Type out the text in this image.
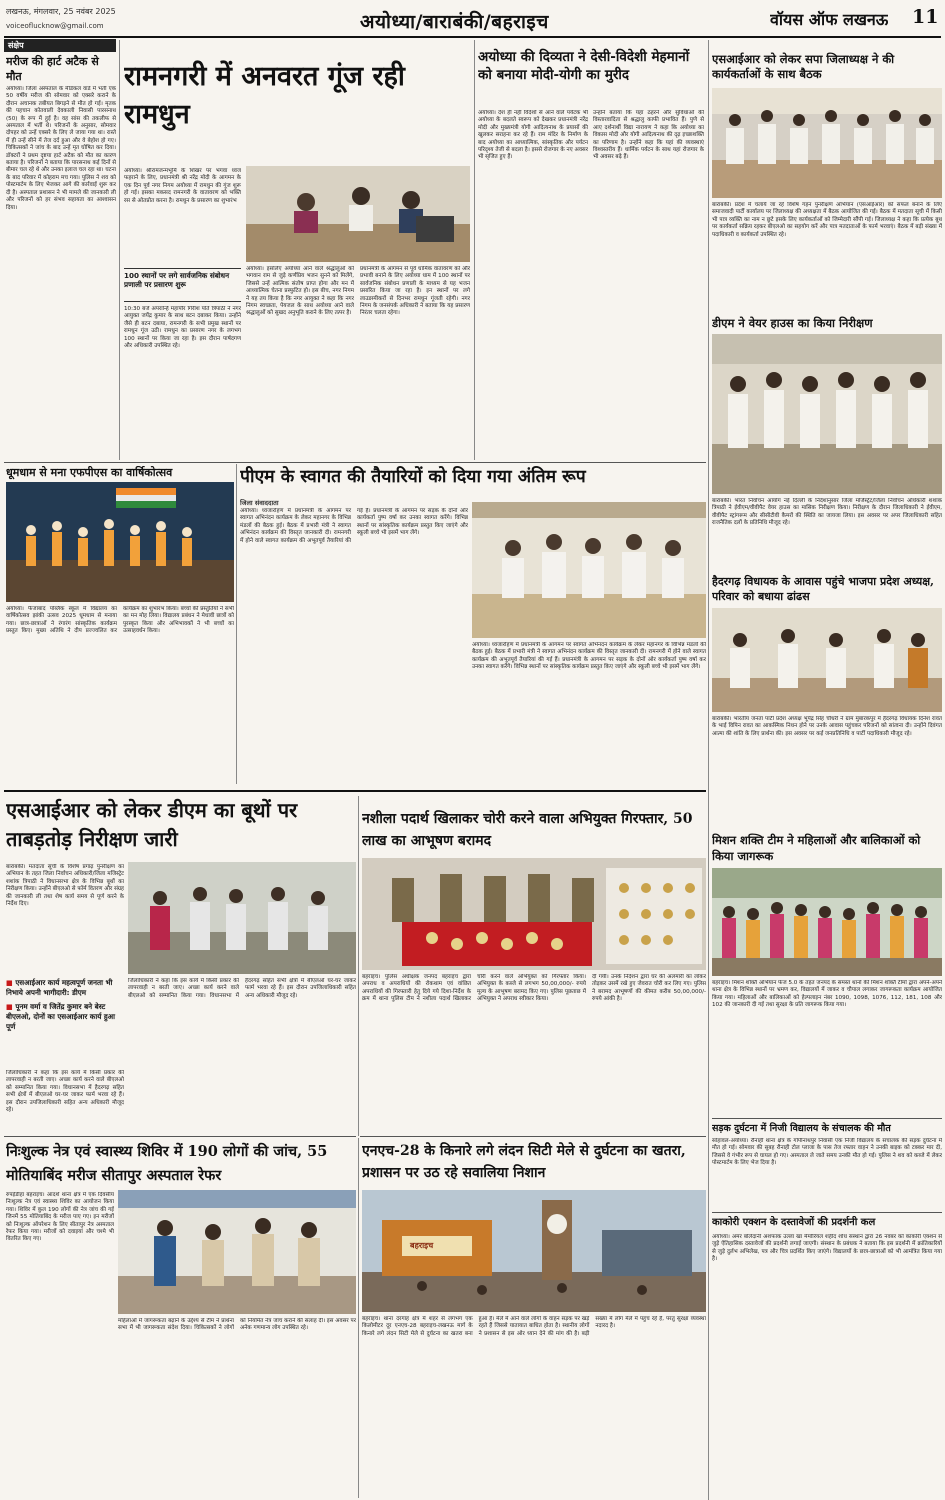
लखनऊ, मंगलवार, 25 नवंबर 2025
voiceoflucknow@gmail.com	अयोध्या/बाराबंकी/बहराइच	वॉयस ऑफ लखनऊ 11
संक्षेप
मरीज की हार्ट अटैक से मौत
अयोध्या। जिला अस्पताल के मेडिकल वार्ड में भर्ती एक 50 वर्षीय मरीज की सोमवार को एक्सरे कराने के दौरान अचानक तबीयत बिगड़ने से मौत हो गई। मृतक की पहचान कोतवाली देवकाली निवासी पारसनाथ (50) के रूप में हुई है। वह सांस की तकलीफ से अस्पताल में भर्ती थे। परिजनों के अनुसार, सोमवार दोपहर को उन्हें एक्सरे के लिए ले जाया गया था। रास्ते में ही उन्हें सीने में तेज दर्द हुआ और वे बेहोश हो गए। चिकित्सकों ने जांच के बाद उन्हें मृत घोषित कर दिया। डॉक्टरों ने प्रथम दृष्टया हार्ट अटैक को मौत का कारण बताया है। परिजनों ने बताया कि पारसनाथ कई दिनों से बीमार चल रहे थे और उनका इलाज चल रहा था। घटना के बाद परिवार में कोहराम मच गया। पुलिस ने शव को पोस्टमार्टम के लिए भेजकर आगे की कार्रवाई शुरू कर दी है। अस्पताल प्रशासन ने भी मामले की जानकारी ली और परिजनों को हर संभव सहायता का आश्वासन दिया।
रामनगरी में अनवरत गूंज रही रामधुन
अयोध्या। श्रीरामजन्मभूमि के शिखर पर भगवा ध्वज फहराने के लिए, प्रधानमंत्री श्री नरेंद्र मोदी के आगमन के एक दिन पूर्व नगर निगम अयोध्या में रामधुन की गूंज शुरू हो गई। इसका मकसद रामनगरी के वातावरण को भक्ति रस से ओतप्रोत करना है। रामधुन के प्रसारण का शुभारंभ
100 स्थानों पर लगे सार्वजनिक संबोधन प्रणाली पर प्रसारण शुरू
10:30 बजे अपरान्हि महापौर गिरीश पति त्रिपाठी ने नगर आयुक्त जयेंद्र कुमार के साथ बटन दबाकर किया। उन्होंने जैसे ही बटन दबाया, रामनगरी के सभी प्रमुख स्थानों पर रामधुन गूंज उठी। रामधुन का प्रसारण नगर के लगभग 100 स्थानों पर किया जा रहा है। इस दौरान पार्षदगण और अधिकारी उपस्थित रहे।
अयोध्या। इसलिए अयोध्या आने वाले श्रद्धालुओं को भगवान राम से जुड़े कर्णप्रिय भजन सुनने को मिलेंगे, जिससे उन्हें आत्मिक संतोष प्राप्त होगा और मन में आध्यात्मिक चेतना प्रस्फुटित हो। इस बीच, नगर निगम ने यह तय किया है कि नगर आयुक्त ने कहा कि नगर निगम स्वच्छता, पेयजल के साथ अयोध्या आने वाले श्रद्धालुओं को सुखद अनुभूति कराने के लिए तत्पर है।
प्रधानमंत्री के आगमन से पूर्व धार्मिक वातावरण को और प्रभावी बनाने के लिए अयोध्या धाम में 100 स्थानों पर सार्वजनिक संबोधन प्रणाली के माध्यम से यह भजन प्रसारित किया जा रहा है। इन स्थानों पर लगे लाउडस्पीकरों से दिनभर रामधुन गूंजती रहेगी। नगर निगम के जनसंपर्क अधिकारी ने बताया कि यह प्रसारण निरंतर चलता रहेगा।
अयोध्या की दिव्यता ने देसी-विदेशी मेहमानों को बनाया मोदी-योगी का मुरीद
अयोध्या। देश ही नहीं विदेशों से आने वाले पर्यटक भी अयोध्या के बदलते स्वरूप को देखकर प्रधानमंत्री नरेंद्र मोदी और मुख्यमंत्री योगी आदित्यनाथ के प्रयासों की खुलकर सराहना कर रहे हैं। राम मंदिर के निर्माण के बाद अयोध्या का आध्यात्मिक, सांस्कृतिक और पर्यटन परिदृश्य तेजी से बदला है। इससे रोजगार के नए अवसर भी सृजित हुए हैं।
उन्होंने बताया कि यहां ठहरने और सुविधाओं की विस्तारवादिता से श्रद्धालु काफी प्रभावित हैं। पुणे से आए दर्शनार्थी विद्या नारायण ने कहा कि अयोध्या का विकास मोदी और योगी आदित्यनाथ की दृढ़ इच्छाशक्ति का परिणाम है। उन्होंने कहा कि यहां की व्यवस्थाएं विश्वस्तरीय हैं। धार्मिक पर्यटन के साथ यहां रोजगार के भी अवसर बढ़े हैं।
धूमधाम से मना एफपीएस का वार्षिकोत्सव
अयोध्या। फैजाबाद पब्लिक स्कूल में विद्यालय का वार्षिकोत्सव झांकी उत्सव 2025 धूमधाम से मनाया गया। छात्र-छात्राओं ने रंगारंग सांस्कृतिक कार्यक्रम प्रस्तुत किए। मुख्य अतिथि ने दीप प्रज्ज्वलित कर कार्यक्रम का शुभारंभ किया। बच्चों की प्रस्तुतियों ने सभी का मन मोह लिया। विद्यालय प्रबंधन ने मेधावी छात्रों को पुरस्कृत किया और अभिभावकों ने भी बच्चों का उत्साहवर्धन किया।
पीएम के स्वागत की तैयारियों को दिया गया अंतिम रूप
जिला संवाददाता
अयोध्या। ध्वजारोहण में प्रधानमंत्री के आगमन पर स्वागत अभिनंदन कार्यक्रम के लेकर महानगर के विभिन्न मंडलों की बैठक हुई। बैठक में प्रभारी मंत्री ने स्वागत अभिनंदन कार्यक्रम की विस्तृत जानकारी दी। रामनगरी में होने वाले स्वागत कार्यक्रम की अभूतपूर्व तैयारियां की गई हैं। प्रधानमंत्री के आगमन पर सड़क के दोनों ओर कार्यकर्ता पुष्प वर्षा कर उनका स्वागत करेंगे। विभिन्न स्थानों पर सांस्कृतिक कार्यक्रम प्रस्तुत किए जाएंगे और स्कूली बच्चे भी इसमें भाग लेंगे।
अयोध्या। ध्वजारोहण में प्रधानमंत्री के आगमन पर स्वागत अभिनंदन कार्यक्रम के लेकर महानगर के विभिन्न मंडलों की बैठक हुई। बैठक में प्रभारी मंत्री ने स्वागत अभिनंदन कार्यक्रम की विस्तृत जानकारी दी। रामनगरी में होने वाले स्वागत कार्यक्रम की अभूतपूर्व तैयारियां की गई हैं। प्रधानमंत्री के आगमन पर सड़क के दोनों ओर कार्यकर्ता पुष्प वर्षा कर उनका स्वागत करेंगे। विभिन्न स्थानों पर सांस्कृतिक कार्यक्रम प्रस्तुत किए जाएंगे और स्कूली बच्चे भी इसमें भाग लेंगे।
एसआईआर को लेकर डीएम का बूथों पर ताबड़तोड़ निरीक्षण जारी
बाराबंकी। मतदाता सूची के विशेष प्रगाढ़ पुनरीक्षण का अभियान के तहत जिला निर्वाचन अधिकारी/जिला मजिस्ट्रेट शशांक त्रिपाठी ने विधानसभा क्षेत्र के विभिन्न बूथों का निरीक्षण किया। उन्होंने बीएलओ से फॉर्म वितरण और संग्रह की जानकारी ली तथा शेष कार्य समय से पूर्ण करने के निर्देश दिए।
■ एसआईआर कार्य महत्वपूर्ण जनता भी निभाये अपनी भागीदारी: डीएम
■ पूनम वर्मा व जितेंद्र कुमार बने बेस्ट बीएलओ, दोनों का एसआईआर कार्य हुआ पूर्ण
जिलाधिकारी ने कहा कि इस कार्य में किसी प्रकार की लापरवाही न बरती जाए। अच्छा कार्य करने वाले बीएलओ को सम्मानित किया गया। विधानसभा में हैदरगढ़ सहित सभी क्षेत्रों में बीएलओ घर-घर जाकर फार्म भरवा रहे हैं। इस दौरान उपजिलाधिकारी सहित अन्य अधिकारी मौजूद रहे।
जिलाधिकारी ने कहा कि इस कार्य में किसी प्रकार की लापरवाही न बरती जाए। अच्छा कार्य करने वाले बीएलओ को सम्मानित किया गया। विधानसभा में हैदरगढ़ सहित सभी क्षेत्रों में बीएलओ घर-घर जाकर फार्म भरवा रहे हैं। इस दौरान उपजिलाधिकारी सहित अन्य अधिकारी मौजूद रहे।
नशीला पदार्थ खिलाकर चोरी करने वाला अभियुक्त गिरफ्तार, 50 लाख का आभूषण बरामद
बहराइच। पुलिस अधीक्षक जनपद बहराइच द्वारा अपराध व अपराधियों की रोकथाम एवं वांछित अपराधियों की गिरफ्तारी हेतु दिये गये दिशा-निर्देश के क्रम में थाना पुलिस टीम ने नशीला पदार्थ खिलाकर चोरी करने वाले अभियुक्त को गिरफ्तार किया। अभियुक्त के कब्जे से लगभग 50,00,000/- रुपये मूल्य के आभूषण बरामद किए गए। पुलिस पूछताछ में अभियुक्त ने अपराध स्वीकार किया।
दी गयी। उनके निर्देशन द्वारा घर की अलमारी का लॉकर तोड़कर उसमें रखे हुए जेवरात चोरी कर लिए गए। पुलिस ने बरामद आभूषणों की कीमत करीब 50,00,000/-रुपये आंकी है।
निःशुल्क नेत्र एवं स्वास्थ्य शिविर में 190 लोगों की जांच, 55 मोतियाबिंद मरीज सीतापुर अस्पताल रेफर
रुपईडीहा बहराइच। आदर्श थाना क्षेत्र में एक दिवसीय निःशुल्क नेत्र एवं स्वास्थ्य शिविर का आयोजन किया गया। शिविर में कुल 190 लोगों की नेत्र जांच की गई जिनमें 55 मोतियाबिंद के मरीज पाए गए। इन मरीजों को निःशुल्क ऑपरेशन के लिए सीतापुर नेत्र अस्पताल रेफर किया गया। मरीजों को दवाइयां और चश्मे भी वितरित किए गए।
महिलाओं में जागरूकता बढ़ाने के उद्देश्य से टीम ने प्रार्थना सभा में भी जागरूकता संदेश दिया। चिकित्सकों ने लोगों को नियमित नेत्र जांच कराने की सलाह दी। इस अवसर पर अनेक गणमान्य लोग उपस्थित रहे।
एनएच-28 के किनारे लगे लंदन सिटी मेले से दुर्घटना का खतरा, प्रशासन पर उठ रहे सवालिया निशान
बहराइच
बहराइच। थाना दरगाह क्षेत्र में शहर से लगभग एक किलोमीटर दूर एनएच-28 बहराइच-लखनऊ मार्ग के किनारे लगे लंदन सिटी मेले से दुर्घटना का खतरा बना हुआ है। मेले में आने वाले लोगों के वाहन सड़क पर खड़े रहते हैं जिससे यातायात बाधित होता है। स्थानीय लोगों ने प्रशासन से इस ओर ध्यान देने की मांग की है। बड़ी संख्या में लोग मेले में पहुंच रहे हैं, परंतु सुरक्षा व्यवस्था नदारद है।
एसआईआर को लेकर सपा जिलाध्यक्ष ने की कार्यकर्ताओं के साथ बैठक
बाराबंकी। प्रदेश में चलाये जा रहे विशेष गहन पुनरीक्षण अभियान (एसआईआर) को सफल बनाने के लिए समाजवादी पार्टी कार्यालय पर जिलाध्यक्ष की अध्यक्षता में बैठक आयोजित की गई। बैठक में मतदाता सूची में किसी भी पात्र व्यक्ति का नाम न छूटे इसके लिए कार्यकर्ताओं को जिम्मेदारी सौंपी गई। जिलाध्यक्ष ने कहा कि प्रत्येक बूथ पर कार्यकर्ता सक्रिय रहकर बीएलओ का सहयोग करें और पात्र मतदाताओं के फार्म भरवाएं। बैठक में बड़ी संख्या में पदाधिकारी व कार्यकर्ता उपस्थित रहे।
डीएम ने वेयर हाउस का किया निरीक्षण
बाराबंकी। भारत निर्वाचन आयोग नई दिल्ली के निर्देशानुसार जिला मजिस्ट्रेट/जिला निर्वाचन अधिकारी शशांक त्रिपाठी ने ईवीएम/वीवीपैट वेयर हाउस का मासिक निरीक्षण किया। निरीक्षण के दौरान जिलाधिकारी ने ईवीएम, वीवीपैट स्ट्रांगरूम और सीसीटीवी कैमरों की स्थिति का जायजा लिया। इस अवसर पर अपर जिलाधिकारी सहित राजनैतिक दलों के प्रतिनिधि मौजूद रहे।
हैदरगढ़ विधायक के आवास पहुंचे भाजपा प्रदेश अध्यक्ष, परिवार को बधाया ढांढस
बाराबंकी। भारतीय जनता पार्टी प्रदेश अध्यक्ष भूपेंद्र सिंह चौधरी ने ग्राम मुबारकपुर में हैदरगढ़ विधायक दिनेश रावत के भाई विपिन रावत का आकस्मिक निधन होने पर उनके आवास पहुंचकर परिजनों को सांत्वना दी। उन्होंने दिवंगत आत्मा की शांति के लिए प्रार्थना की। इस अवसर पर कई जनप्रतिनिधि व पार्टी पदाधिकारी मौजूद रहे।
मिशन शक्ति टीम ने महिलाओं और बालिकाओं को किया जागरूक
बहराइच। मिशन शक्ति अभियान फेज 5.0 के तहत जनपद के समस्त थानों की मिशन शक्ति टीमों द्वारा अपने-अपने थाना क्षेत्र के विभिन्न स्थानों पर भ्रमण कर, विद्यालयों में जाकर व चौपाल लगाकर जागरूकता कार्यक्रम आयोजित किया गया। महिलाओं और बालिकाओं को हेल्पलाइन नंबर 1090, 1098, 1076, 112, 181, 108 और 102 की जानकारी दी गई तथा सुरक्षा के प्रति जागरूक किया गया।
सड़क दुर्घटना में निजी विद्यालय के संचालक की मौत
सोहावल-अयोध्या। रौनाही थाना क्षेत्र के गोपीनाथपुर निवासी एक निजी विद्यालय के संचालक की सड़क दुर्घटना में मौत हो गई। सोमवार की सुबह रौनाही टोल प्लाजा के पास तेज रफ्तार वाहन ने उनकी बाइक को टक्कर मार दी, जिससे वे गंभीर रूप से घायल हो गए। अस्पताल ले जाते समय उनकी मौत हो गई। पुलिस ने शव को कब्जे में लेकर पोस्टमार्टम के लिए भेज दिया है।
काकोरी एक्शन के दस्तावेजों की प्रदर्शनी कल
अयोध्या। अमर बलिदानी अशफाक उल्ला खां मेमोरियल शहीद शोध संस्थान द्वारा 26 नवंबर को काकोरी एक्शन से जुड़े ऐतिहासिक दस्तावेजों की प्रदर्शनी लगाई जाएगी। संस्थान के प्रबंधक ने बताया कि इस प्रदर्शनी में क्रांतिकारियों से जुड़े दुर्लभ अभिलेख, पत्र और चित्र प्रदर्शित किए जाएंगे। विद्यालयों के छात्र-छात्राओं को भी आमंत्रित किया गया है।
